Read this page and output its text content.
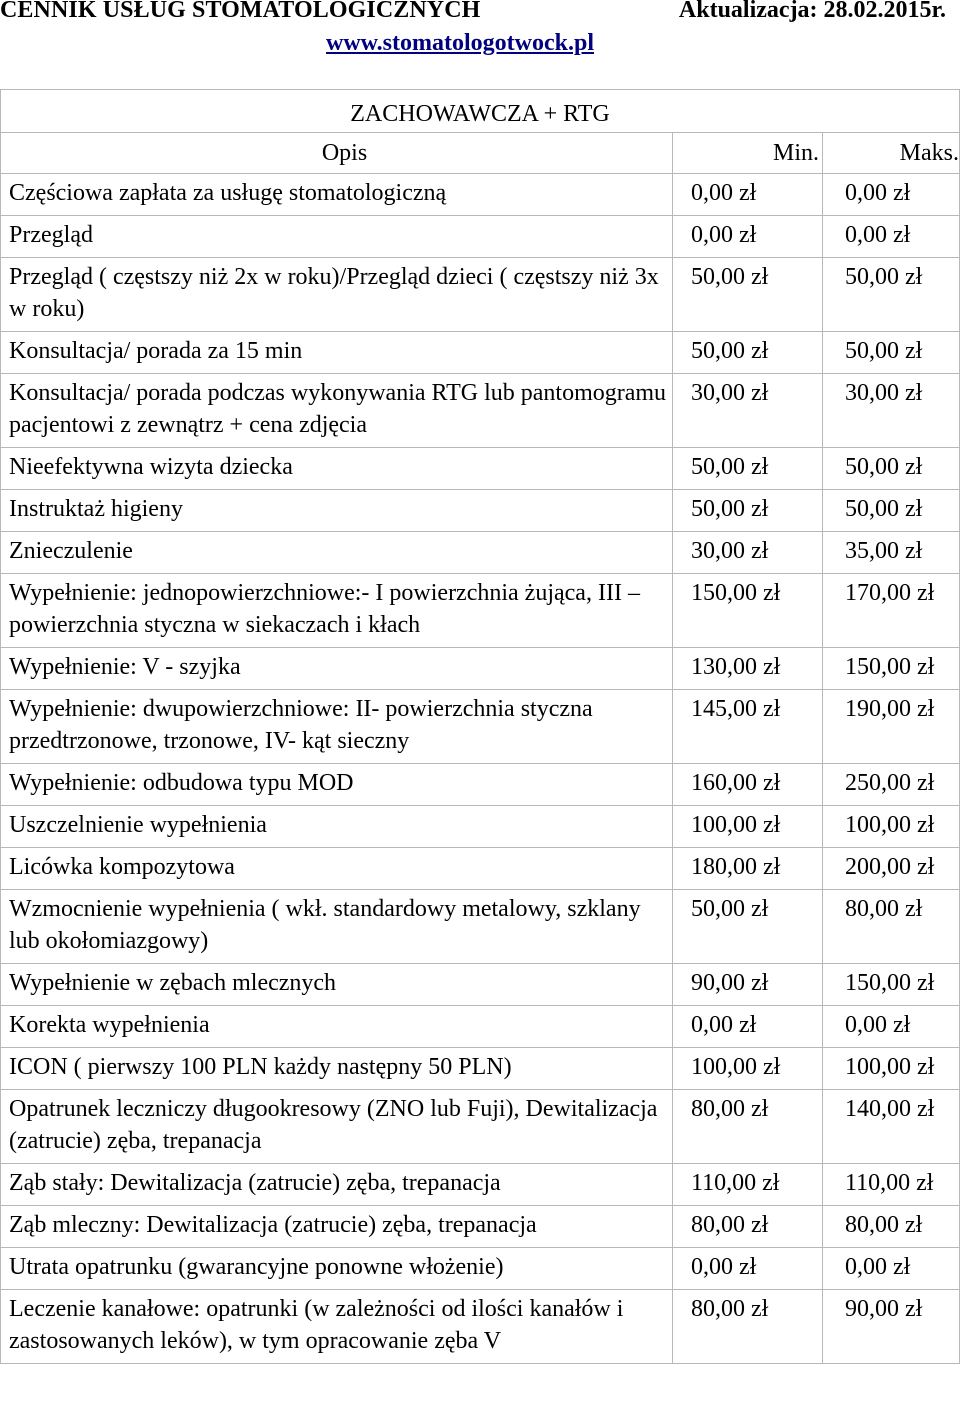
CENNIK USŁUG STOMATOLOGICZNYCH	Aktualizacja: 28.02.2015r.
www.stomatologotwock.pl
ZACHOWAWCZA + RTG		
Opis	Min.	Maks.
Częściowa zapłata za usługę stomatologiczną	0,00 zł	0,00 zł
Przegląd	0,00 zł	0,00 zł
Przegląd ( częstszy niż 2x w roku)/Przegląd dzieci ( częstszy niż 3x w roku)	50,00 zł	50,00 zł
Konsultacja/ porada za 15 min	50,00 zł	50,00 zł
Konsultacja/ porada podczas wykonywania RTG lub pantomogramu pacjentowi z zewnątrz + cena zdjęcia	30,00 zł	30,00 zł
Nieefektywna wizyta dziecka	50,00 zł	50,00 zł
Instruktaż higieny	50,00 zł	50,00 zł
Znieczulenie	30,00 zł	35,00 zł
Wypełnienie: jednopowierzchniowe:- I powierzchnia żująca, III – powierzchnia styczna w siekaczach i kłach	150,00 zł	170,00 zł
Wypełnienie: V - szyjka	130,00 zł	150,00 zł
Wypełnienie: dwupowierzchniowe: II- powierzchnia styczna przedtrzonowe, trzonowe, IV- kąt sieczny	145,00 zł	190,00 zł
Wypełnienie: odbudowa typu MOD	160,00 zł	250,00 zł
Uszczelnienie wypełnienia	100,00 zł	100,00 zł
Licówka kompozytowa	180,00 zł	200,00 zł
Wzmocnienie wypełnienia ( wkł. standardowy metalowy, szklany lub okołomiazgowy)	50,00 zł	80,00 zł
Wypełnienie w zębach mlecznych	90,00 zł	150,00 zł
Korekta wypełnienia	0,00 zł	0,00 zł
ICON ( pierwszy 100 PLN każdy następny 50 PLN)	100,00 zł	100,00 zł
Opatrunek leczniczy długookresowy (ZNO lub Fuji), Dewitalizacja (zatrucie) zęba, trepanacja	80,00 zł	140,00 zł
Ząb stały: Dewitalizacja (zatrucie) zęba, trepanacja	110,00 zł	110,00 zł
Ząb mleczny: Dewitalizacja (zatrucie) zęba, trepanacja	80,00 zł	80,00 zł
Utrata opatrunku (gwarancyjne ponowne włożenie)	0,00 zł	0,00 zł
Leczenie kanałowe: opatrunki (w zależności od ilości kanałów i zastosowanych leków), w tym opracowanie zęba V	80,00 zł	90,00 zł
